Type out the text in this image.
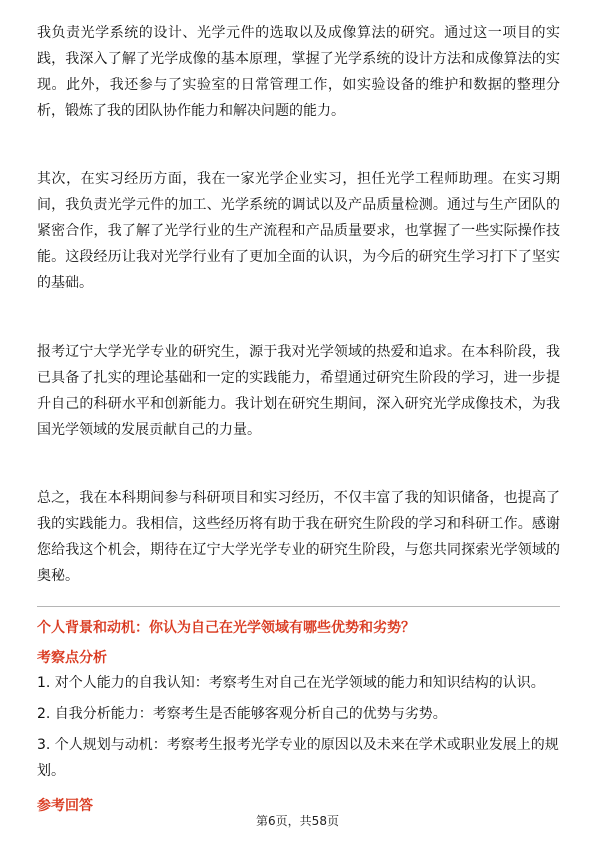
我负责光学系统的设计、光学元件的选取以及成像算法的研究。通过这一项目的实践，我深入了解了光学成像的基本原理，掌握了光学系统的设计方法和成像算法的实现。此外，我还参与了实验室的日常管理工作，如实验设备的维护和数据的整理分析，锻炼了我的团队协作能力和解决问题的能力。

其次，在实习经历方面，我在一家光学企业实习，担任光学工程师助理。在实习期间，我负责光学元件的加工、光学系统的调试以及产品质量检测。通过与生产团队的紧密合作，我了解了光学行业的生产流程和产品质量要求，也掌握了一些实际操作技能。这段经历让我对光学行业有了更加全面的认识，为今后的研究生学习打下了坚实的基础。

报考辽宁大学光学专业的研究生，源于我对光学领域的热爱和追求。在本科阶段，我已具备了扎实的理论基础和一定的实践能力，希望通过研究生阶段的学习，进一步提升自己的科研水平和创新能力。我计划在研究生期间，深入研究光学成像技术，为我国光学领域的发展贡献自己的力量。

总之，我在本科期间参与科研项目和实习经历，不仅丰富了我的知识储备，也提高了我的实践能力。我相信，这些经历将有助于我在研究生阶段的学习和科研工作。感谢您给我这个机会，期待在辽宁大学光学专业的研究生阶段，与您共同探索光学领域的奥秘。

个人背景和动机：你认为自己在光学领域有哪些优势和劣势？

考察点分析

1. 对个人能力的自我认知：考察考生对自己在光学领域的能力和知识结构的认识。

2. 自我分析能力：考察考生是否能够客观分析自己的优势与劣势。

3. 个人规划与动机：考察考生报考光学专业的原因以及未来在学术或职业发展上的规划。

参考回答

第6页，共58页
